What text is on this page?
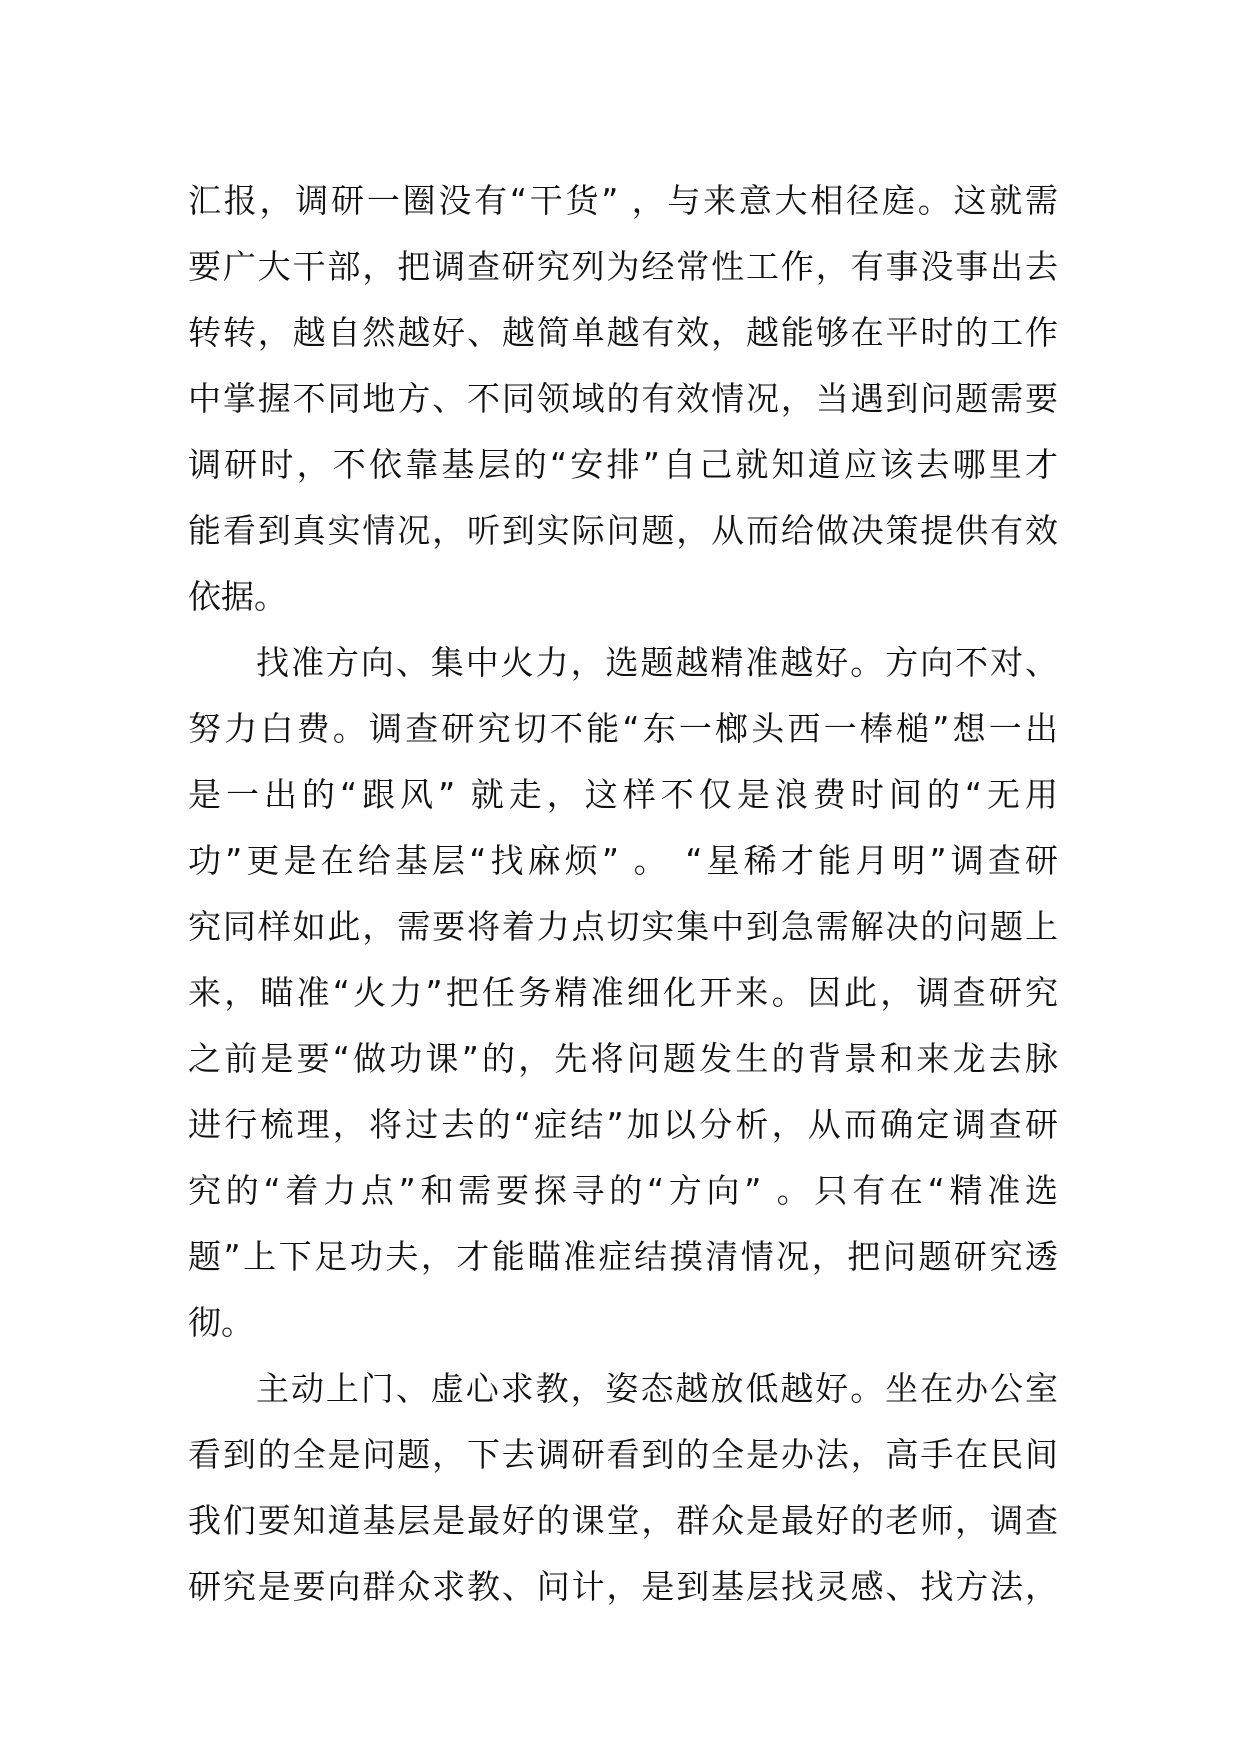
汇报，调研一圈没有“干货” ，与来意大相径庭。这就需
要广大干部，把调查研究列为经常性工作，有事没事出去
转转，越自然越好、越简单越有效，越能够在平时的工作
中掌握不同地方、不同领域的有效情况，当遇到问题需要
调研时，不依靠基层的“安排”自己就知道应该去哪里才
能看到真实情况，听到实际问题，从而给做决策提供有效
依据。
找准方向、集中火力，选题越精准越好。方向不对、
努力白费。调查研究切不能“东一榔头西一棒槌”想一出
是一出的“跟风” 就走，这样不仅是浪费时间的“无用
功”更是在给基层“找麻烦” 。 “星稀才能月明”调查研
究同样如此，需要将着力点切实集中到急需解决的问题上
来，瞄准“火力”把任务精准细化开来。因此，调查研究
之前是要“做功课”的，先将问题发生的背景和来龙去脉
进行梳理，将过去的“症结”加以分析，从而确定调查研
究的“着力点”和需要探寻的“方向” 。只有在“精准选
题”上下足功夫，才能瞄准症结摸清情况，把问题研究透
彻。
主动上门、虚心求教，姿态越放低越好。坐在办公室
看到的全是问题，下去调研看到的全是办法，高手在民间
我们要知道基层是最好的课堂，群众是最好的老师，调查
研究是要向群众求教、问计，是到基层找灵感、找方法，
